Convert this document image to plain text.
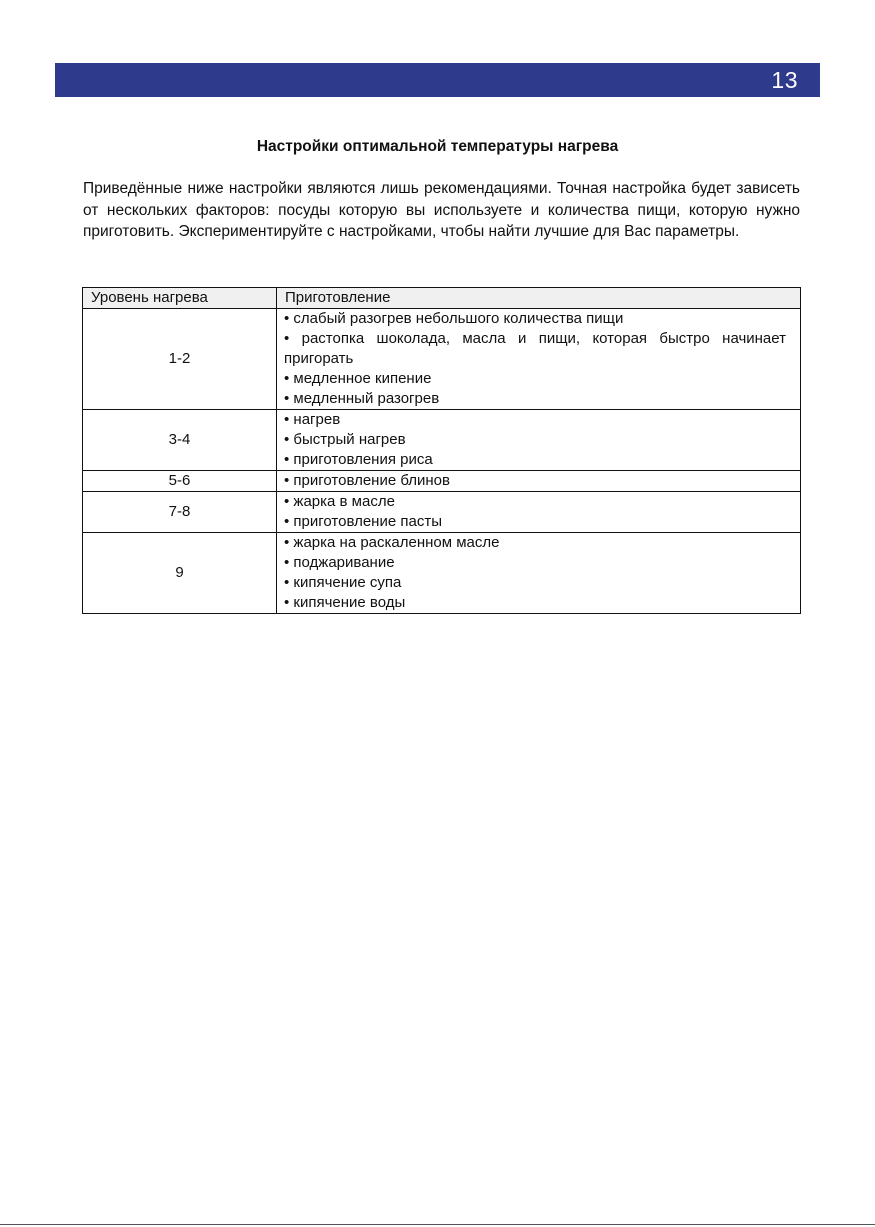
13
Настройки оптимальной температуры нагрева

Приведённые ниже настройки являются лишь рекомендациями. Точная настройка будет зависеть от нескольких факторов: посуды которую вы используете и количества пищи, которую нужно приготовить. Экспериментируйте с настройками, чтобы найти лучшие для Вас параметры.

Уровень нагрева	Приготовление
1-2	• слабый разогрев небольшого количества пищи
• растопка шоколада, масла и пищи, которая быстро начинает пригорать
• медленное кипение
• медленный разогрев

3-4	• нагрев
• быстрый нагрев
• приготовления риса

5-6	• приготовление блинов

7-8	• жарка в масле
• приготовление пасты

9	• жарка на раскаленном масле
• поджаривание
• кипячение супа
• кипячение воды
